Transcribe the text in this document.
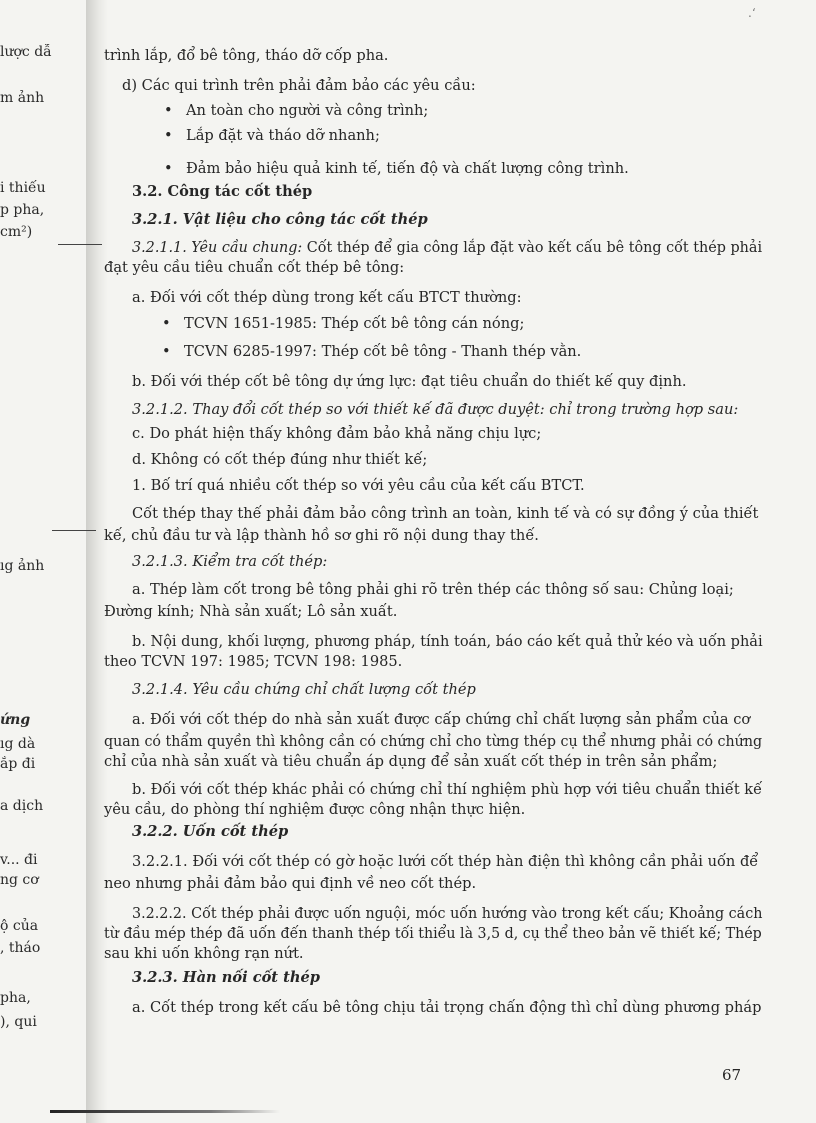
.‘
lược dẫ
m ảnh
i thiếu
p pha,
cm²)
ıg ảnh
ứng
ıg dà
ắp đi
a dịch
v... đi
ng cơ
ộ của
, tháo
pha,
), qui
trình lắp, đổ bê tông, tháo dỡ cốp pha.
d) Các qui trình trên phải đảm bảo các yêu cầu:
• An toàn cho người và công trình;
• Lắp đặt và tháo dỡ nhanh;
• Đảm bảo hiệu quả kinh tế, tiến độ và chất lượng công trình.
3.2. Công tác cốt thép
3.2.1. Vật liệu cho công tác cốt thép
3.2.1.1. Yêu cầu chung: Cốt thép để gia công lắp đặt vào kết cấu bê tông cốt thép phải
đạt yêu cầu tiêu chuẩn cốt thép bê tông:
a. Đối với cốt thép dùng trong kết cấu BTCT thường:
• TCVN 1651-1985: Thép cốt bê tông cán nóng;
• TCVN 6285-1997: Thép cốt bê tông - Thanh thép vằn.
b. Đối với thép cốt bê tông dự ứng lực: đạt tiêu chuẩn do thiết kế quy định.
3.2.1.2. Thay đổi cốt thép so với thiết kế đã được duyệt: chỉ trong trường hợp sau:
c. Do phát hiện thấy không đảm bảo khả năng chịu lực;
d. Không có cốt thép đúng như thiết kế;
1. Bố trí quá nhiều cốt thép so với yêu cầu của kết cấu BTCT.
Cốt thép thay thế phải đảm bảo công trình an toàn, kinh tế và có sự đồng ý của thiết
kế, chủ đầu tư và lập thành hồ sơ ghi rõ nội dung thay thế.
3.2.1.3. Kiểm tra cốt thép:
a. Thép làm cốt trong bê tông phải ghi rõ trên thép các thông số sau: Chủng loại;
Đường kính; Nhà sản xuất; Lô sản xuất.
b. Nội dung, khối lượng, phương pháp, tính toán, báo cáo kết quả thử kéo và uốn phải
theo TCVN 197: 1985; TCVN 198: 1985.
3.2.1.4. Yêu cầu chứng chỉ chất lượng cốt thép
a. Đối với cốt thép do nhà sản xuất được cấp chứng chỉ chất lượng sản phẩm của cơ
quan có thẩm quyền thì không cần có chứng chỉ cho từng thép cụ thể nhưng phải có chứng
chỉ của nhà sản xuất và tiêu chuẩn áp dụng để sản xuất cốt thép in trên sản phẩm;
b. Đối với cốt thép khác phải có chứng chỉ thí nghiệm phù hợp với tiêu chuẩn thiết kế
yêu cầu, do phòng thí nghiệm được công nhận thực hiện.
3.2.2. Uốn cốt thép
3.2.2.1. Đối với cốt thép có gờ hoặc lưới cốt thép hàn điện thì không cần phải uốn để
neo nhưng phải đảm bảo qui định về neo cốt thép.
3.2.2.2. Cốt thép phải được uốn nguội, móc uốn hướng vào trong kết cấu; Khoảng cách
từ đầu mép thép đã uốn đến thanh thép tối thiểu là 3,5 d, cụ thể theo bản vẽ thiết kế; Thép
sau khi uốn không rạn nứt.
3.2.3. Hàn nối cốt thép
a. Cốt thép trong kết cấu bê tông chịu tải trọng chấn động thì chỉ dùng phương pháp
67
